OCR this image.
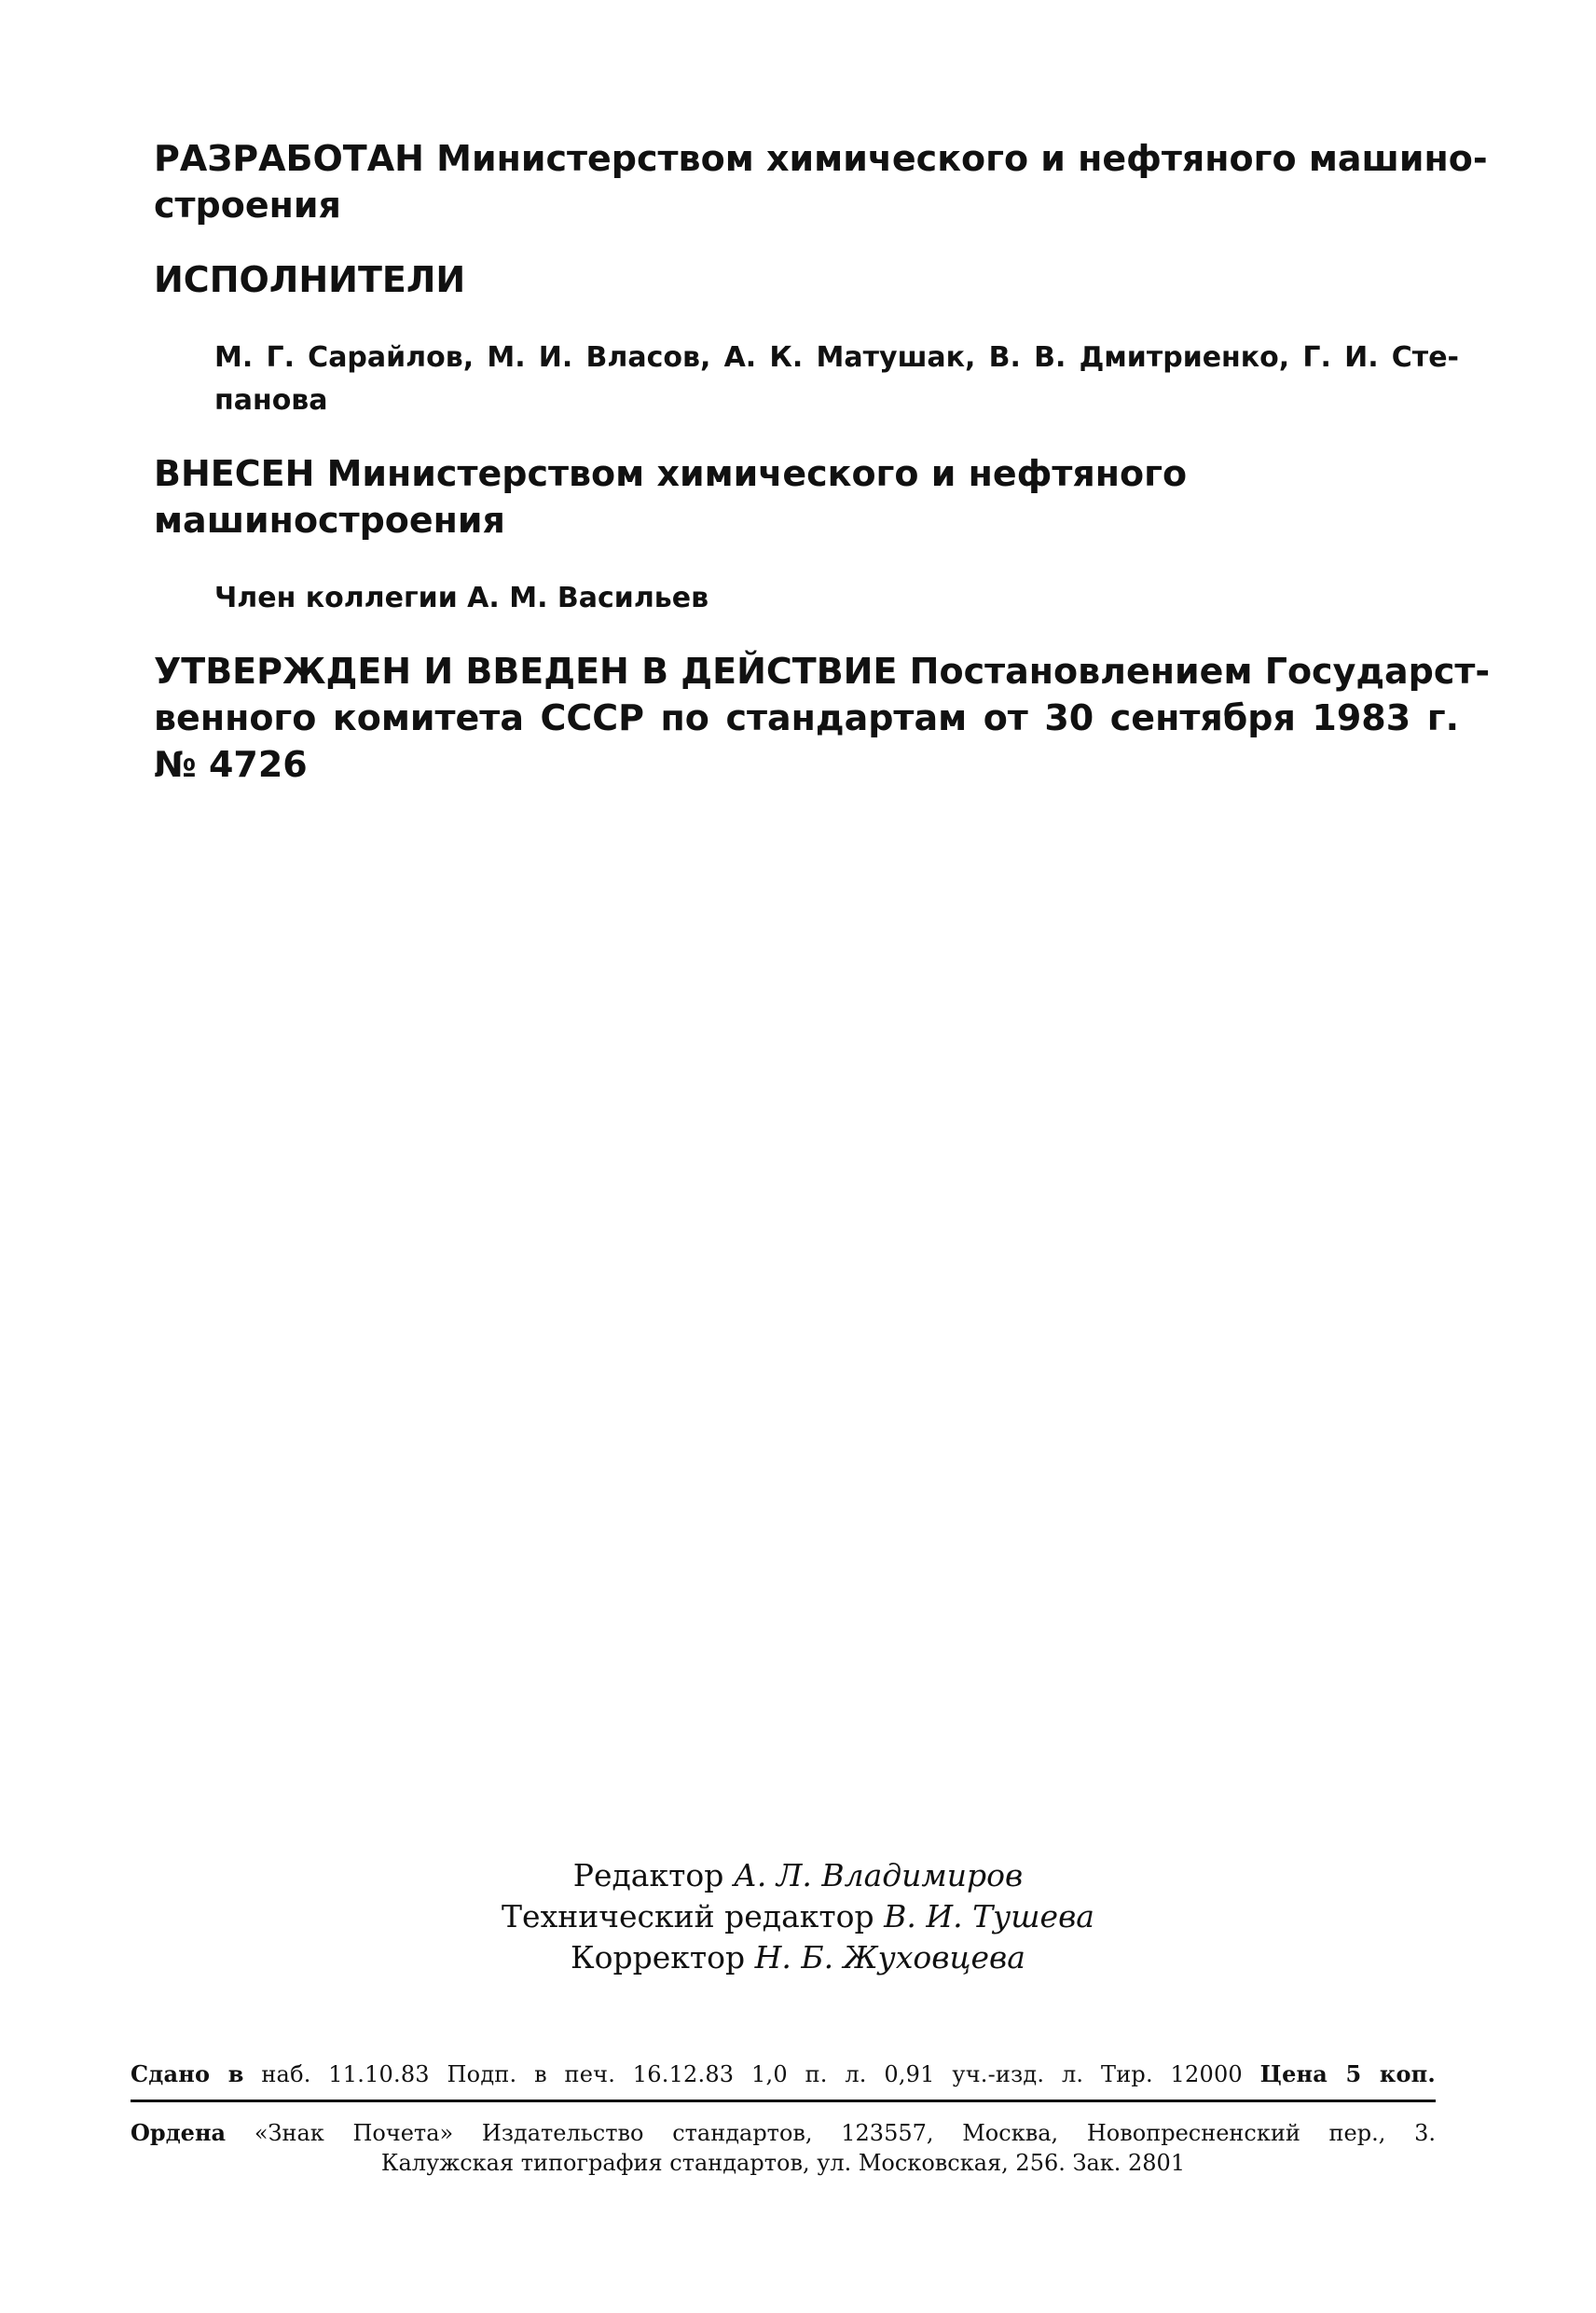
РАЗРАБОТАН Министерством химического и нефтяного машино-
строения
ИСПОЛНИТЕЛИ
М. Г. Сарайлов, М. И. Власов, А. К. Матушак, В. В. Дмитриенко, Г. И. Сте-
панова
ВНЕСЕН Министерством химического и нефтяного машиностроения
Член коллегии А. М. Васильев
УТВЕРЖДЕН И ВВЕДЕН В ДЕЙСТВИЕ Постановлением Государст-
венного комитета СССР по стандартам от 30 сентября 1983 г.
№ 4726
Редактор А. Л. Владимиров
Технический редактор В. И. Тушева
Корректор Н. Б. Жуховцева
Сдано в наб. 11.10.83 Подп. в печ. 16.12.83 1,0 п. л. 0,91 уч.-изд. л. Тир. 12000 Цена 5 коп.
Ордена «Знак Почета» Издательство стандартов, 123557, Москва, Новопресненский пер., 3.
Калужская типография стандартов, ул. Московская, 256. Зак. 2801
